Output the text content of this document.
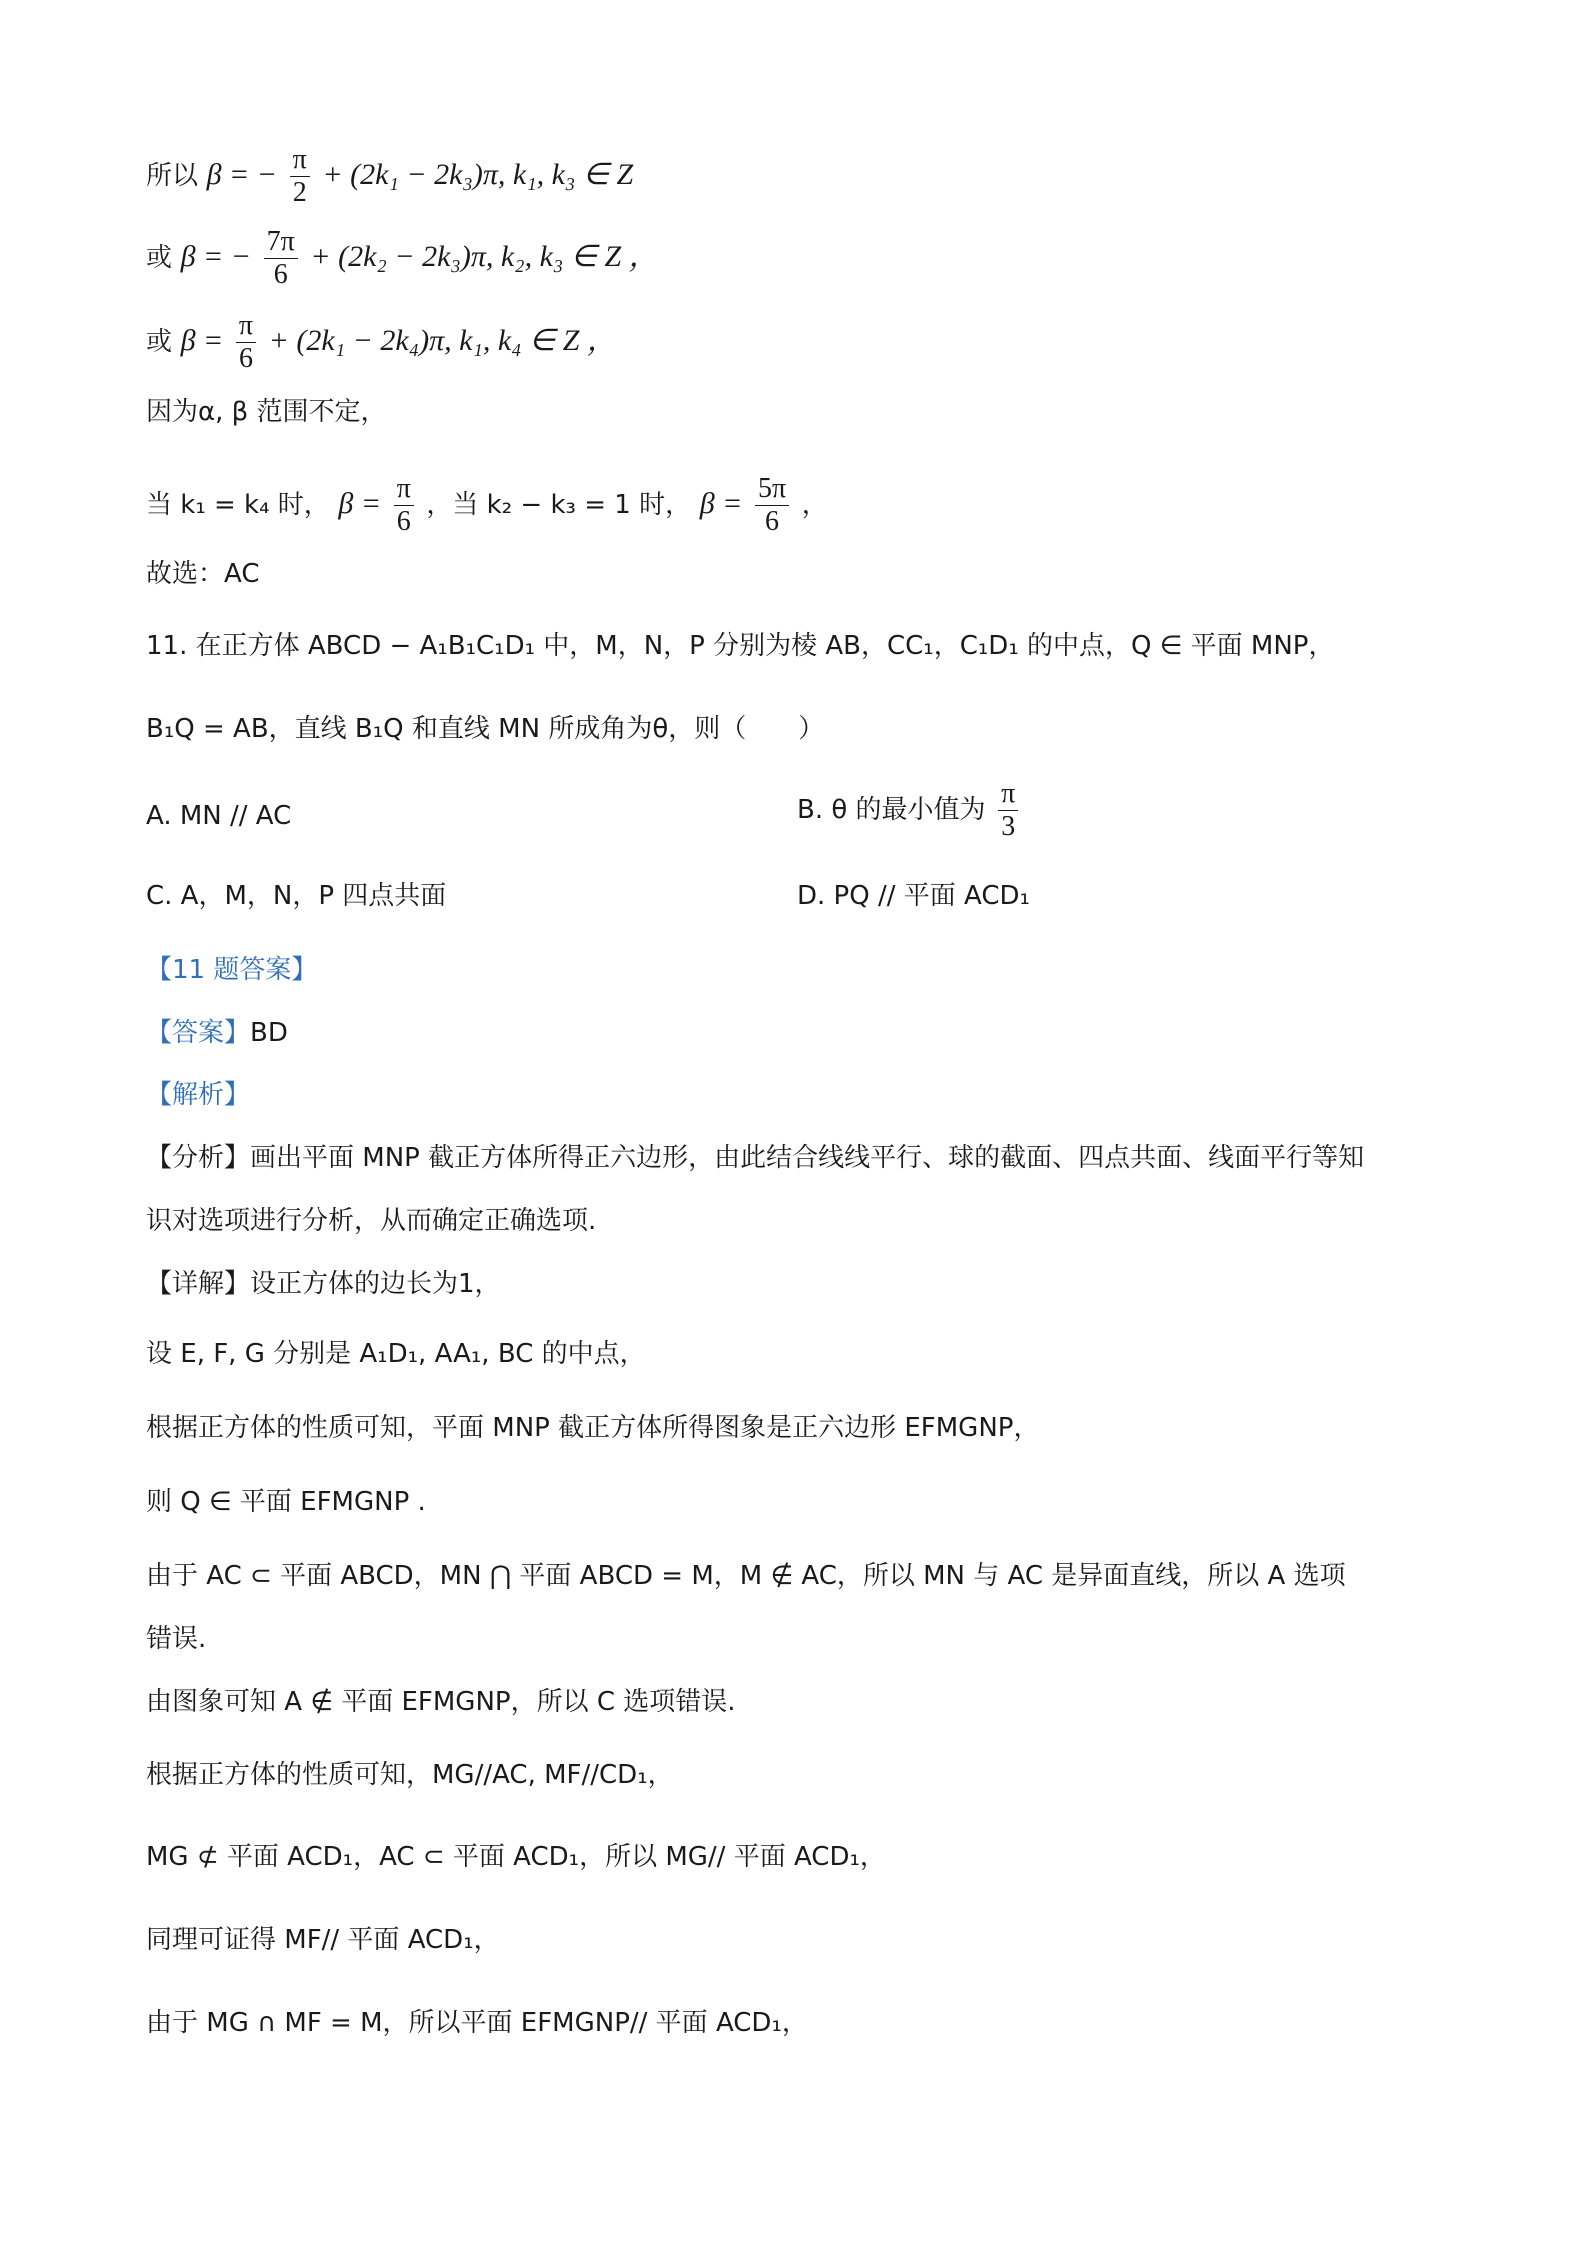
所以 β = − $\frac{\pi}{2} + (2k_1 - 2k_3)\pi$, k₁, k₃ ∈ Z
或 β = − $\frac{7\pi}{6} + (2k_2 - 2k_3)\pi$, k₂, k₃ ∈ Z ，
或 $\beta = \frac{\pi}{6} + (2k_1 - 2k_4)\pi$, k₁, k₄ ∈ Z ，
因为α, β 范围不定，
当 k₁ = k₄ 时， $\beta = \frac{\pi}{6}$ ，当 k₂ − k₃ = 1 时， $\beta = \frac{5\pi}{6}$ ，
故选：AC
11. 在正方体 ABCD − A₁B₁C₁D₁ 中，M，N，P 分别为棱 AB，CC₁，C₁D₁ 的中点，Q ∈ 平面 MNP，
B₁Q = AB，直线 B₁Q 和直线 MN 所成角为θ，则（　　）
A. MN // AC	B. θ 的最小值为 $\frac{\pi}{3}$
C. A，M，N，P 四点共面	D. PQ // 平面 ACD₁
【11 题答案】
【答案】BD
【解析】
【分析】画出平面 MNP 截正方体所得正六边形，由此结合线线平行、球的截面、四点共面、线面平行等知
识对选项进行分析，从而确定正确选项.
【详解】设正方体的边长为1，
设 E, F, G 分别是 A₁D₁, AA₁, BC 的中点，
根据正方体的性质可知，平面 MNP 截正方体所得图象是正六边形 EFMGNP，
则 Q ∈ 平面 EFMGNP .
由于 AC ⊂ 平面 ABCD，MN ⋂ 平面 ABCD = M，M ∉ AC，所以 MN 与 AC 是异面直线，所以 A 选项
错误.
由图象可知 A ∉ 平面 EFMGNP，所以 C 选项错误.
根据正方体的性质可知，MG//AC, MF//CD₁，
MG ⊄ 平面 ACD₁，AC ⊂ 平面 ACD₁，所以 MG// 平面 ACD₁，
同理可证得 MF// 平面 ACD₁，
由于 MG ∩ MF = M，所以平面 EFMGNP// 平面 ACD₁，
